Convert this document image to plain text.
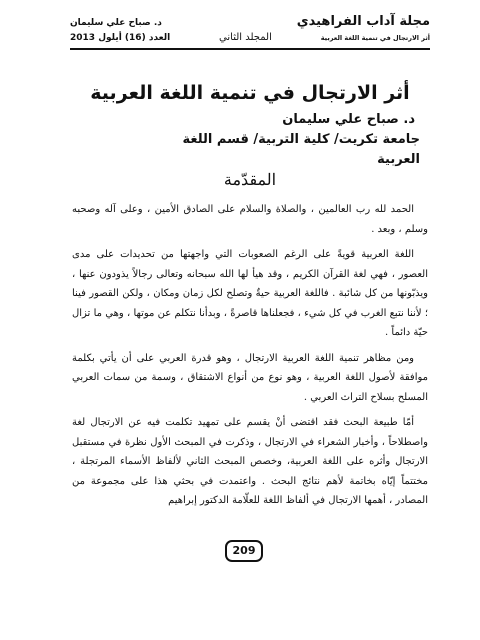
مجلة آداب الفراهيدي
د. صباح علي سليمان
أثر الارتجال في تنمية اللغة العربية
المجلد الثاني
العدد (16) أيلول 2013
أثر الارتجال في تنمية اللغة العربية
د. صباح علي سليمان
جامعة تكريت/ كلية التربية/ قسم اللغة العربية
المقدّمة

الحمد لله رب العالمين ، والصلاة والسلام على الصادق الأمين ، وعلى آله وصحبه وسلم ، وبعد .

اللغة العربية قويةً على الرغم الصعوبات التي واجهتها من تحديدات على مدى العصور ، فهي لغة القرآن الكريم ، وقد هيأ لها الله سبحانه وتعالى رجالاً يذودون عنها ، ويذبّونها من كل شائبة . فاللغة العربية حيةٌ وتصلح لكل زمان ومكان ، ولكن القصور فينا ؛ لأننا نتبع الغرب في كل شيء ، فجعلناها قاصرةً ، وبدأنا نتكلم عن موتها ، وهي ما تزال حيّة دائماً .

ومن مظاهر تنمية اللغة العربية الارتجال ، وهو قدرة العربي على أن يأتي بكلمة موافقة لأصول اللغة العربية ، وهو نوع من أنواع الاشتقاق ، وسمة من سمات العربي المسلح بسلاح التراث العربي .

أمّا طبيعة البحث فقد اقتضى أنْ يقسم على تمهيد تكلمت فيه عن الارتجال لغة واصطلاحاً ، وأخبار الشعراء في الارتجال ، وذكرت في المبحث الأول نظرة في مستقبل الارتجال وأثره على اللغة العربية، وخصص المبحث الثاني لألفاظ الأسماء المرتجلة ، مختتماً إيّاه بخاتمة لأهم نتائج البحث . واعتمدت في بحثي هذا على مجموعة من المصادر ، أهمها الارتجال في ألفاظ اللغة للعلّامة الدكتور إبراهيم

209
